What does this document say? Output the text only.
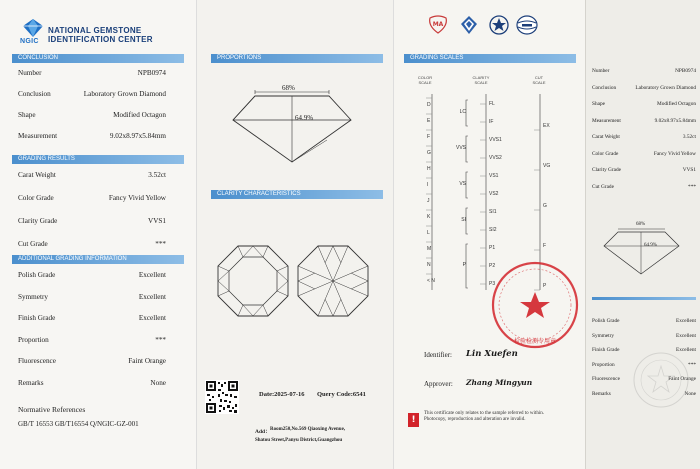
NGIC
NATIONAL GEMSTONE
IDENTIFICATION CENTER
CONCLUSION
Number	NPB0974
Conclusion	Laboratory Grown Diamond
Shape	Modified Octagon
Measurement	9.02x8.97x5.84mm
GRADING RESULTS
Carat Weight	3.52ct
Color Grade	Fancy Vivid Yellow
Clarity Grade	VVS1
Cut Grade	***
ADDITIONAL GRADING INFORMATION
Polish Grade	Excellent
Symmetry	Excellent
Finish Grade	Excellent
Proportion	***
Fluorescence	Faint Orange
Remarks	None
Normative References
GB/T 16553 GB/T16554 Q/NGIC-GZ-001
PROPORTIONS
68%
64.9%
CLARITY CHARACTERISTICS
Date:2025-07-16 Query Code:6541
Add： Room250,No.569 Qiaoxing Avenue,
Shatou Street,Panyu District,Guangzhou
MA
GRADING SCALES
COLOR SCALE
CLARITY SCALE
CUT SCALE
D
E
F
G
H
I
J
K
L
M
N
< N
LC
VVS
VS
SI
P
FL
IF
VVS1
VVS2
VS1
VS2
SI1
SI2
P1
P2
P3
EX
VG
G
F
P
检验检测专用章
Identifier: Lin Xuefen
Approver: Zhang Mingyun
!
This certificate only relates to the sample referred to within. Photocopy, reproduction and alteration are invalid.
Number	NPB0974
Conclusion	Laboratory Grown Diamond
Shape	Modified Octagon
Measurement	9.02x8.97x5.84mm
Carat Weight	3.52ct
Color Grade	Fancy Vivid Yellow
Clarity Grade	VVS1
Cut Grade	***
68%
64.9%
Polish Grade	Excellent
Symmetry	Excellent
Finish Grade	Excellent
Proportion	***
Fluorescence	Faint Orange
Remarks	None
